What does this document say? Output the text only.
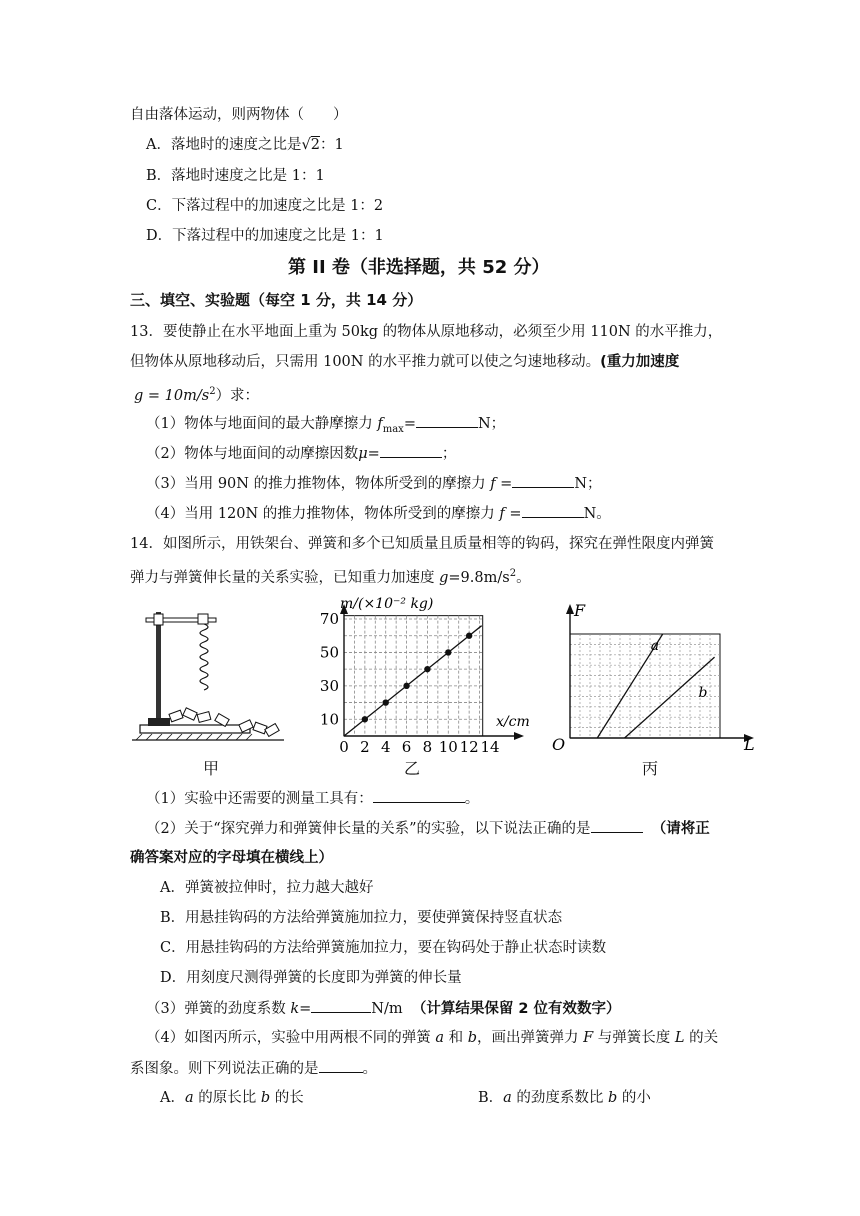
自由落体运动，则两物体（　　）
A．落地时的速度之比是√2：1
B．落地时速度之比是 1：1
C．下落过程中的加速度之比是 1：2
D．下落过程中的加速度之比是 1：1
第 II 卷（非选择题，共 52 分）
三、填空、实验题（每空 1 分，共 14 分）
13．要使静止在水平地面上重为 50kg 的物体从原地移动，必须至少用 110N 的水平推力，
但物体从原地移动后，只需用 100N 的水平推力就可以使之匀速地移动。(重力加速度
$g = 10m/s^2$）求：
（1）物体与地面间的最大静摩擦力 $f_{max}=$	N；
（2）物体与地面间的动摩擦因数μ=	；
（3）当用 90N 的推力推物体，物体所受到的摩擦力 f =	N；
（4）当用 120N 的推力推物体，物体所受到的摩擦力 f =	N。
14．如图所示，用铁架台、弹簧和多个已知质量且质量相等的钩码，探究在弹性限度内弹簧
弹力与弹簧伸长量的关系实验，已知重力加速度 $g=9.8m/s^2$。
甲
0 2 4 6 8 10 12 14
10
30
50
70
m/(×10⁻² kg)
x/cm
乙
F
L
O
a
b
丙
（1）实验中还需要的测量工具有：	。
（2）关于“探究弹力和弹簧伸长量的关系”的实验，以下说法正确的是	（请将正
确答案对应的字母填在横线上）
A．弹簧被拉伸时，拉力越大越好
B．用悬挂钩码的方法给弹簧施加拉力，要使弹簧保持竖直状态
C．用悬挂钩码的方法给弹簧施加拉力，要在钩码处于静止状态时读数
D．用刻度尺测得弹簧的长度即为弹簧的伸长量
（3）弹簧的劲度系数 k=	N/m （计算结果保留 2 位有效数字）
（4）如图丙所示，实验中用两根不同的弹簧 a 和 b，画出弹簧弹力 F 与弹簧长度 L 的关
系图象。则下列说法正确的是	。
A．a 的原长比 b 的长	B．a 的劲度系数比 b 的小
